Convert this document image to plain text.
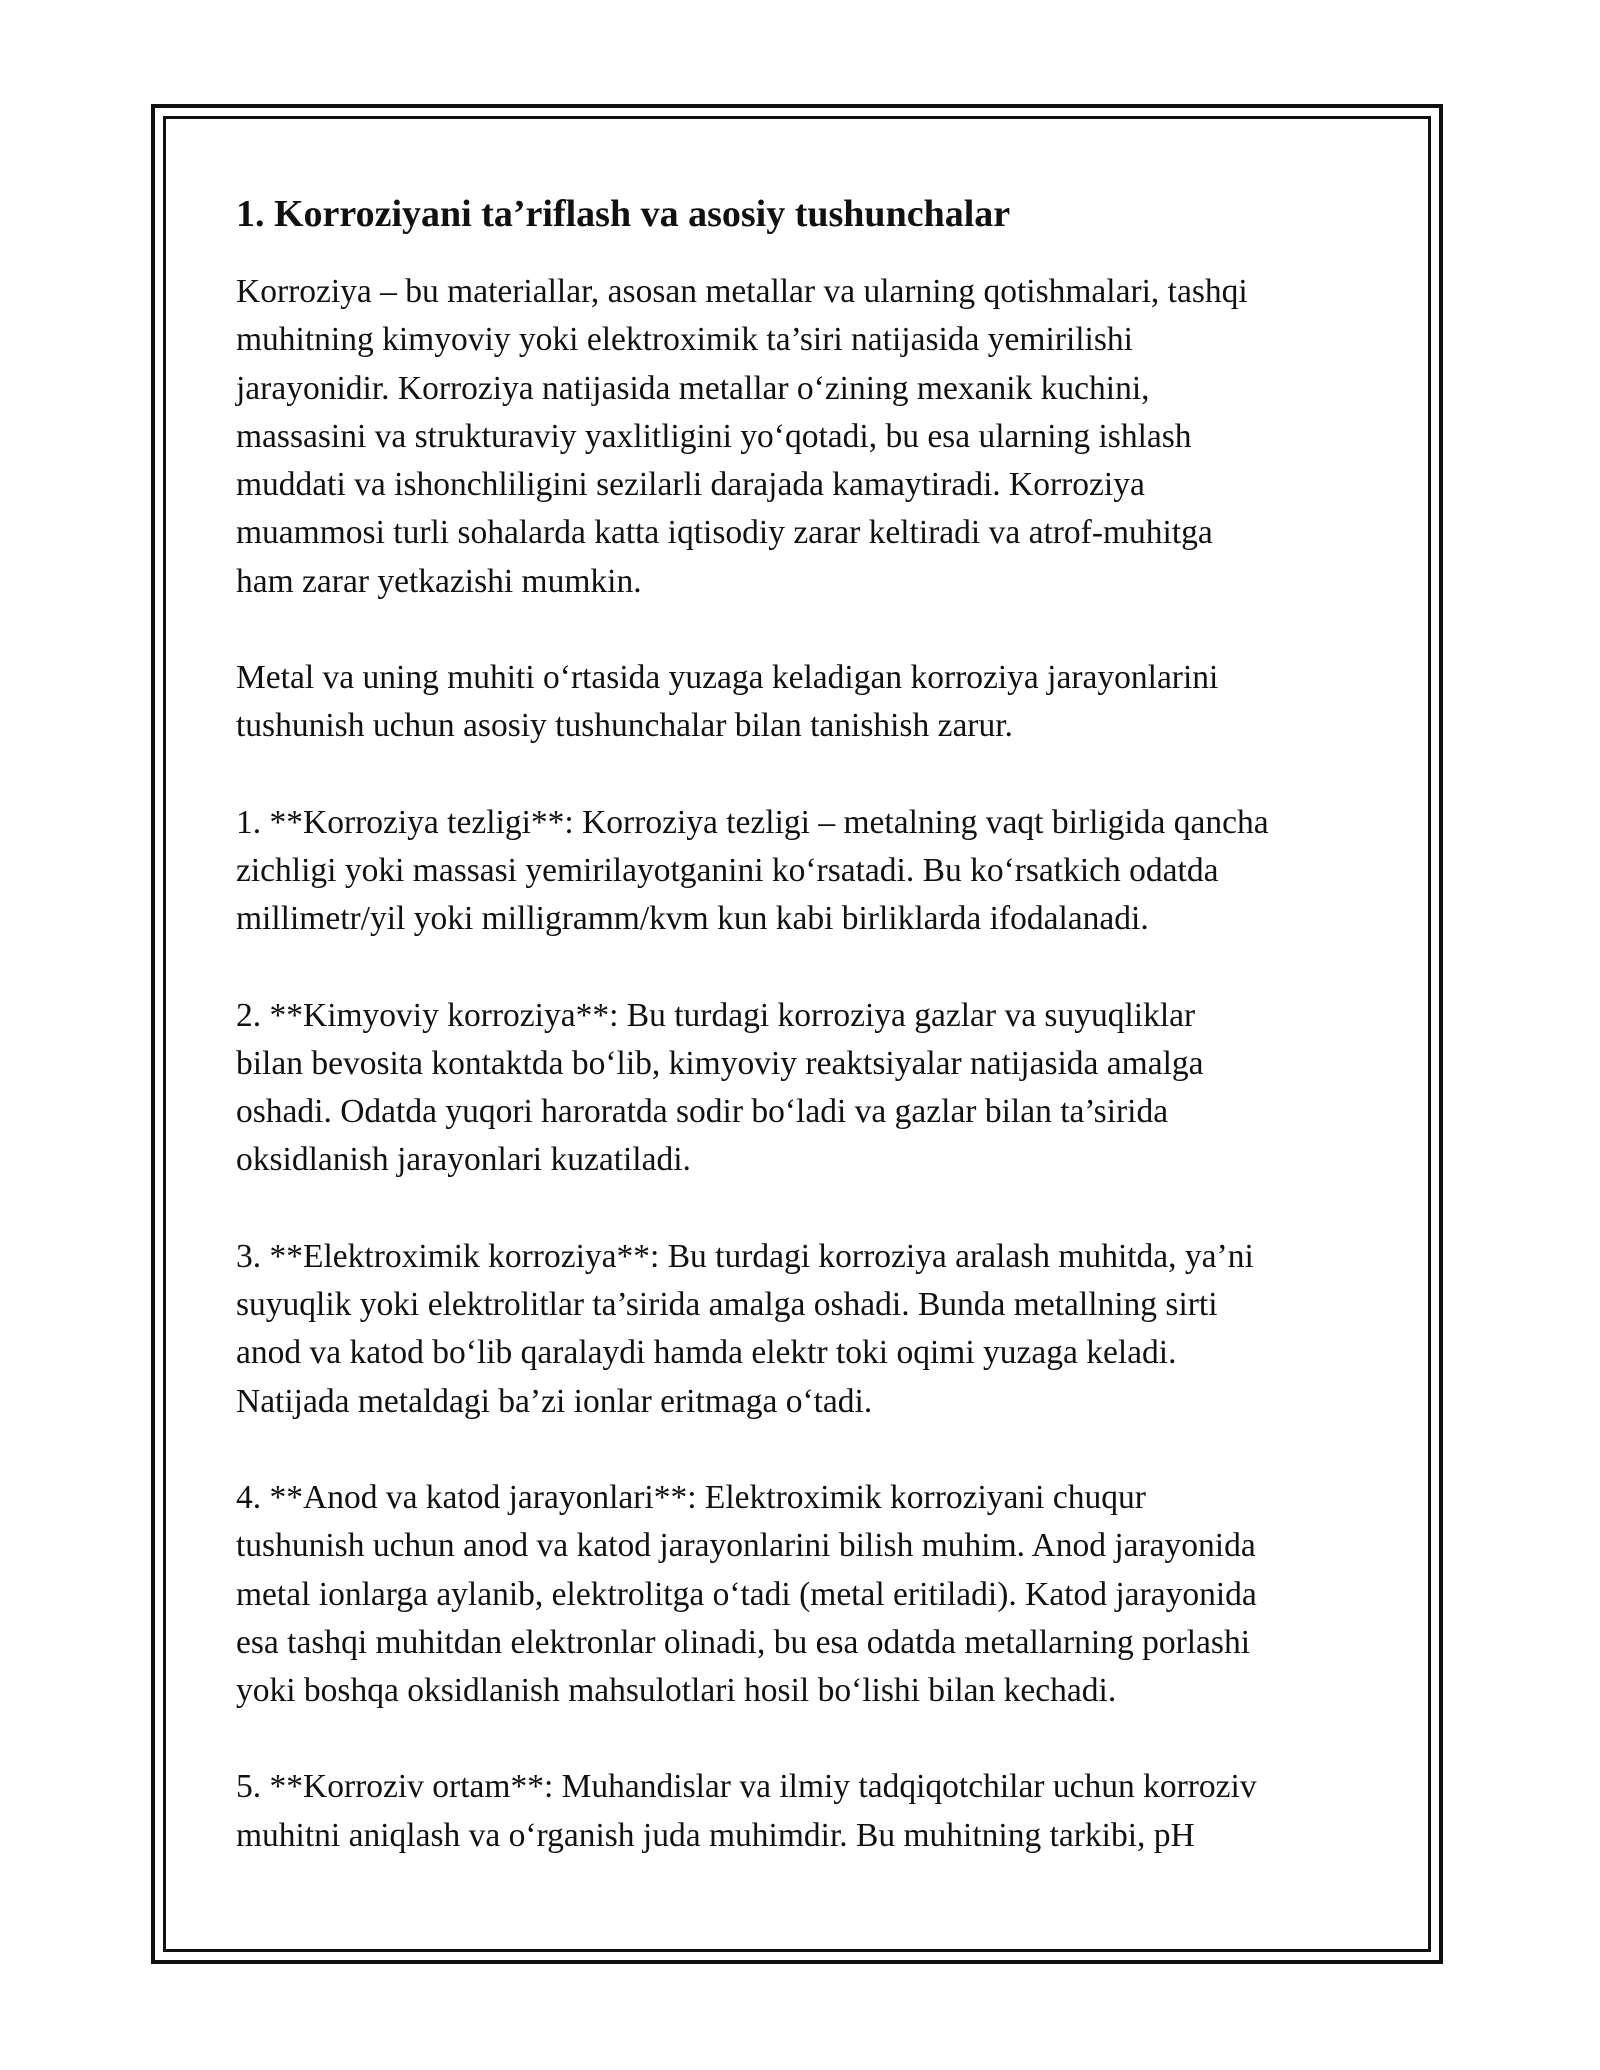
1. Korroziyani ta’riflash va asosiy tushunchalar

Korroziya – bu materiallar, asosan metallar va ularning qotishmalari, tashqi
muhitning kimyoviy yoki elektroximik ta’siri natijasida yemirilishi
jarayonidir. Korroziya natijasida metallar o‘zining mexanik kuchini,
massasini va strukturaviy yaxlitligini yo‘qotadi, bu esa ularning ishlash
muddati va ishonchliligini sezilarli darajada kamaytiradi. Korroziya
muammosi turli sohalarda katta iqtisodiy zarar keltiradi va atrof-muhitga
ham zarar yetkazishi mumkin.

Metal va uning muhiti o‘rtasida yuzaga keladigan korroziya jarayonlarini
tushunish uchun asosiy tushunchalar bilan tanishish zarur.

1. **Korroziya tezligi**: Korroziya tezligi – metalning vaqt birligida qancha
zichligi yoki massasi yemirilayotganini ko‘rsatadi. Bu ko‘rsatkich odatda
millimetr/yil yoki milligramm/kvm kun kabi birliklarda ifodalanadi.

2. **Kimyoviy korroziya**: Bu turdagi korroziya gazlar va suyuqliklar
bilan bevosita kontaktda bo‘lib, kimyoviy reaktsiyalar natijasida amalga
oshadi. Odatda yuqori haroratda sodir bo‘ladi va gazlar bilan ta’sirida
oksidlanish jarayonlari kuzatiladi.

3. **Elektroximik korroziya**: Bu turdagi korroziya aralash muhitda, ya’ni
suyuqlik yoki elektrolitlar ta’sirida amalga oshadi. Bunda metallning sirti
anod va katod bo‘lib qaralaydi hamda elektr toki oqimi yuzaga keladi.
Natijada metaldagi ba’zi ionlar eritmaga o‘tadi.

4. **Anod va katod jarayonlari**: Elektroximik korroziyani chuqur
tushunish uchun anod va katod jarayonlarini bilish muhim. Anod jarayonida
metal ionlarga aylanib, elektrolitga o‘tadi (metal eritiladi). Katod jarayonida
esa tashqi muhitdan elektronlar olinadi, bu esa odatda metallarning porlashi
yoki boshqa oksidlanish mahsulotlari hosil bo‘lishi bilan kechadi.

5. **Korroziv ortam**: Muhandislar va ilmiy tadqiqotchilar uchun korroziv
muhitni aniqlash va o‘rganish juda muhimdir. Bu muhitning tarkibi, pH
